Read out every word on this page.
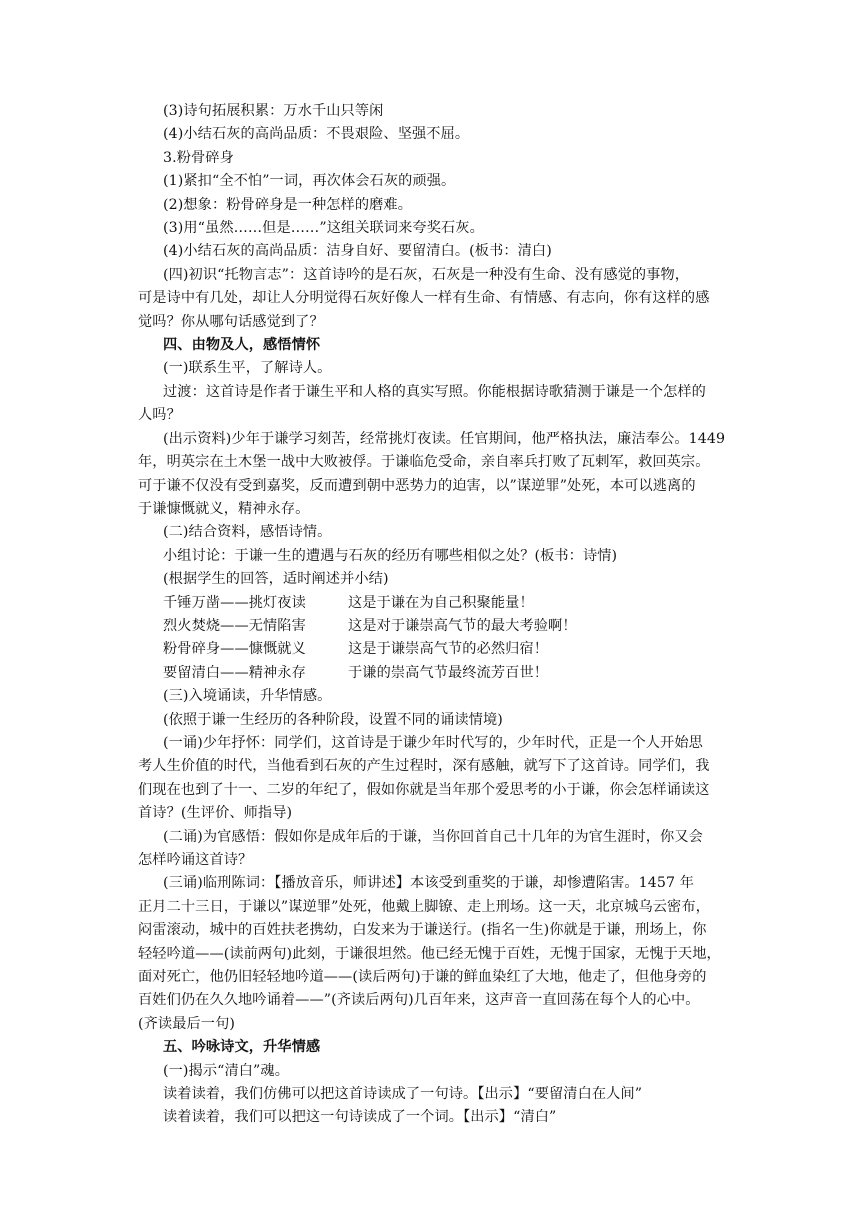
(3)诗句拓展积累：万水千山只等闲
(4)小结石灰的高尚品质：不畏艰险、坚强不屈。
3.粉骨碎身
(1)紧扣“全不怕”一词，再次体会石灰的顽强。
(2)想象：粉骨碎身是一种怎样的磨难。
(3)用“虽然……但是……”这组关联词来夸奖石灰。
(4)小结石灰的高尚品质：洁身自好、要留清白。(板书：清白)
(四)初识“托物言志”：这首诗吟的是石灰，石灰是一种没有生命、没有感觉的事物，
可是诗中有几处，却让人分明觉得石灰好像人一样有生命、有情感、有志向，你有这样的感
觉吗？你从哪句话感觉到了？
四、由物及人，感悟情怀
(一)联系生平，了解诗人。
过渡：这首诗是作者于谦生平和人格的真实写照。你能根据诗歌猜测于谦是一个怎样的
人吗？
(出示资料)少年于谦学习刻苦，经常挑灯夜读。任官期间，他严格执法，廉洁奉公。1449
年，明英宗在土木堡一战中大败被俘。于谦临危受命，亲自率兵打败了瓦剌军，救回英宗。
可于谦不仅没有受到嘉奖，反而遭到朝中恶势力的迫害，以”谋逆罪”处死，本可以逃离的
于谦慷慨就义，精神永存。
(二)结合资料，感悟诗情。
小组讨论：于谦一生的遭遇与石灰的经历有哪些相似之处？(板书：诗情)
(根据学生的回答，适时阐述并小结)
千锤万凿——挑灯夜读	这是于谦在为自己积聚能量！
烈火焚烧——无情陷害	这是对于谦崇高气节的最大考验啊！
粉骨碎身——慷慨就义	这是于谦崇高气节的必然归宿！
要留清白——精神永存	于谦的崇高气节最终流芳百世！
(三)入境诵读，升华情感。
(依照于谦一生经历的各种阶段，设置不同的诵读情境)
(一诵)少年抒怀：同学们，这首诗是于谦少年时代写的，少年时代，正是一个人开始思
考人生价值的时代，当他看到石灰的产生过程时，深有感触，就写下了这首诗。同学们，我
们现在也到了十一、二岁的年纪了，假如你就是当年那个爱思考的小于谦，你会怎样诵读这
首诗？(生评价、师指导)
(二诵)为官感悟：假如你是成年后的于谦，当你回首自己十几年的为官生涯时，你又会
怎样吟诵这首诗？
(三诵)临刑陈词：【播放音乐，师讲述】本该受到重奖的于谦，却惨遭陷害。1457 年
正月二十三日，于谦以”谋逆罪”处死，他戴上脚镣、走上刑场。这一天，北京城乌云密布，
闷雷滚动，城中的百姓扶老携幼，白发来为于谦送行。(指名一生)你就是于谦，刑场上，你
轻轻吟道——(读前两句)此刻，于谦很坦然。他已经无愧于百姓，无愧于国家，无愧于天地，
面对死亡，他仍旧轻轻地吟道——(读后两句)于谦的鲜血染红了大地，他走了，但他身旁的
百姓们仍在久久地吟诵着——”(齐读后两句)几百年来，这声音一直回荡在每个人的心中。
(齐读最后一句)
五、吟咏诗文，升华情感
(一)揭示“清白”魂。
读着读着，我们仿佛可以把这首诗读成了一句诗。【出示】“要留清白在人间”
读着读着，我们可以把这一句诗读成了一个词。【出示】“清白”
